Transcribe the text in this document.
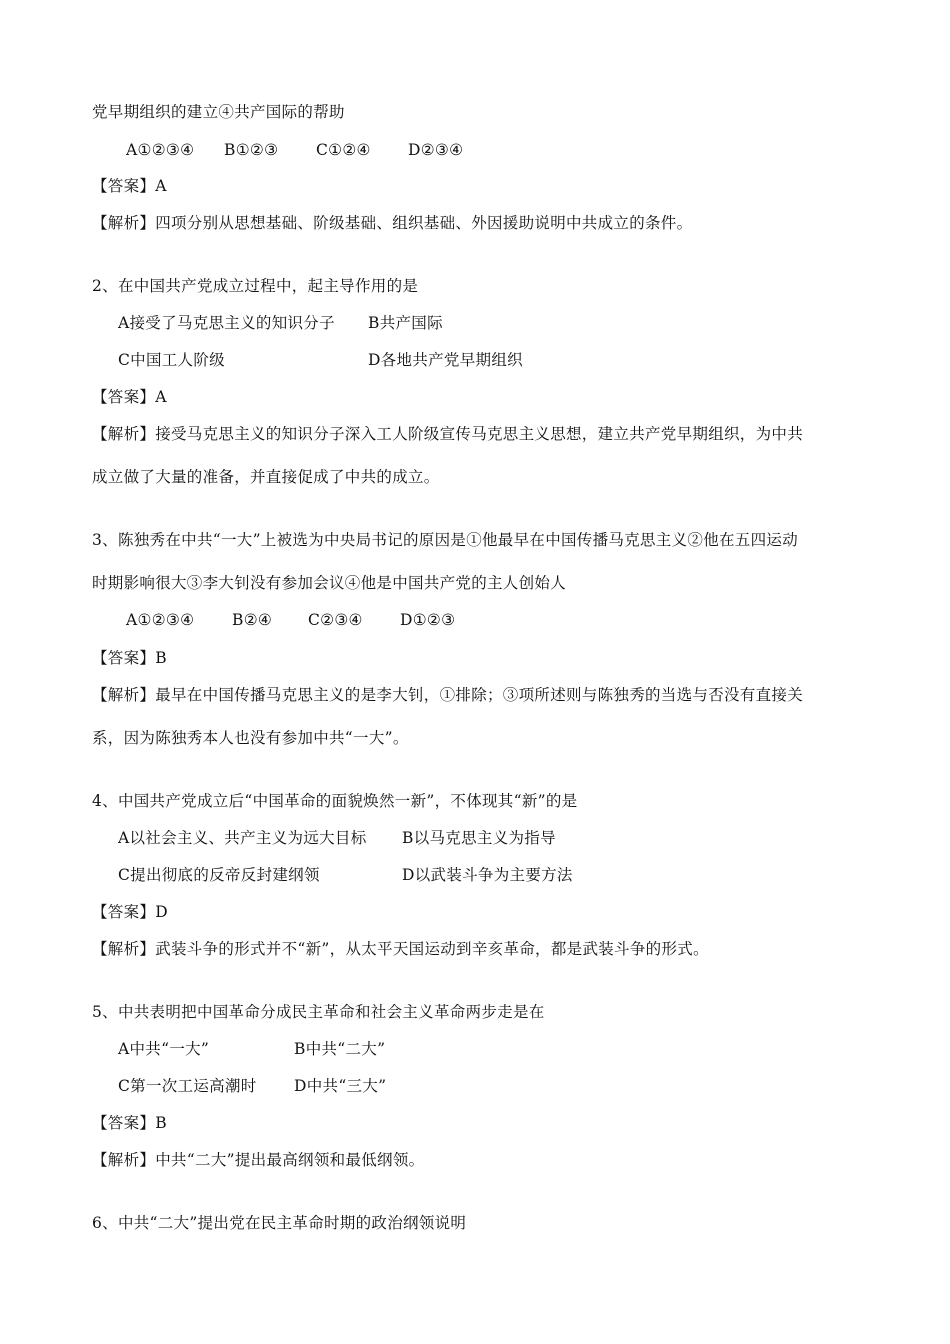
党早期组织的建立④共产国际的帮助
A①②③④ B①②③ C①②④ D②③④
【答案】A
【解析】四项分别从思想基础、阶级基础、组织基础、外因援助说明中共成立的条件。
2、在中国共产党成立过程中，起主导作用的是
A接受了马克思主义的知识分子 B共产国际
C中国工人阶级	D各地共产党早期组织
【答案】A
【解析】接受马克思主义的知识分子深入工人阶级宣传马克思主义思想，建立共产党早期组织，为中共
成立做了大量的准备，并直接促成了中共的成立。
3、陈独秀在中共“一大”上被选为中央局书记的原因是①他最早在中国传播马克思主义②他在五四运动
时期影响很大③李大钊没有参加会议④他是中国共产党的主人创始人
A①②③④ B②④ C②③④ D①②③
【答案】B
【解析】最早在中国传播马克思主义的是李大钊，①排除；③项所述则与陈独秀的当选与否没有直接关
系，因为陈独秀本人也没有参加中共“一大”。
4、中国共产党成立后“中国革命的面貌焕然一新”，不体现其“新”的是
A以社会主义、共产主义为远大目标 B以马克思主义为指导
C提出彻底的反帝反封建纲领	D以武装斗争为主要方法
【答案】D
【解析】武装斗争的形式并不“新”，从太平天国运动到辛亥革命，都是武装斗争的形式。
5、中共表明把中国革命分成民主革命和社会主义革命两步走是在
A中共“一大”	B中共“二大”
C第一次工运高潮时 D中共“三大”
【答案】B
【解析】中共“二大”提出最高纲领和最低纲领。
6、中共“二大”提出党在民主革命时期的政治纲领说明
